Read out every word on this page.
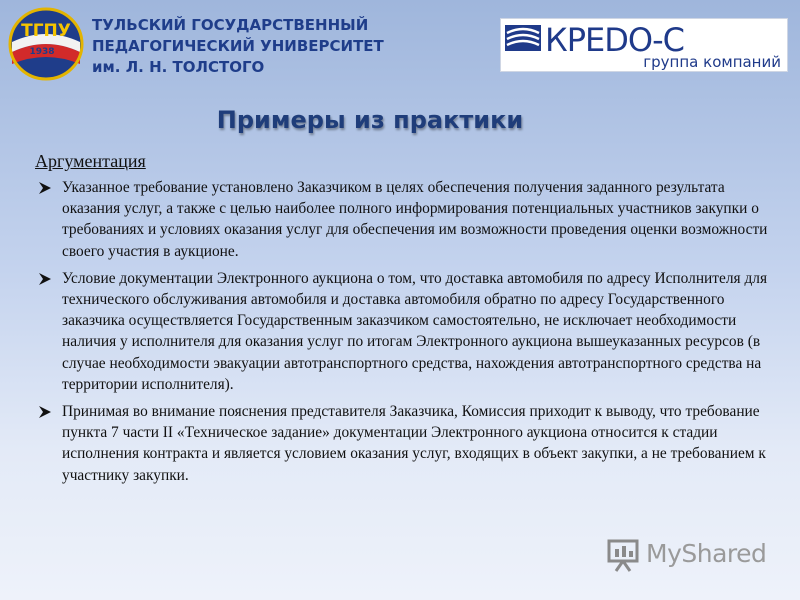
ТГПУ
1938
ТУЛЬСКИЙ ГОСУДАРСТВЕННЫЙ
ПЕДАГОГИЧЕСКИЙ УНИВЕРСИТЕТ
им. Л. Н. ТОЛСТОГО
КРЕDО-С
группа компаний
Примеры из практики
Аргументация
Указанное требование установлено Заказчиком в целях обеспечения получения заданного результата оказания услуг, а также с целью наиболее полного информирования потенциальных участников закупки о требованиях и условиях оказания услуг для обеспечения им возможности проведения оценки возможности своего участия в аукционе.
Условие документации Электронного аукциона о том, что доставка автомобиля по адресу Исполнителя для технического обслуживания автомобиля и доставка автомобиля обратно по адресу Государственного заказчика осуществляется Государственным заказчиком самостоятельно, не исключает необходимости наличия у исполнителя для оказания услуг по итогам Электронного аукциона вышеуказанных ресурсов (в случае необходимости эвакуации автотранспортного средства, нахождения автотранспортного средства на территории исполнителя).
Принимая во внимание пояснения представителя Заказчика, Комиссия приходит к выводу, что требование пункта 7 части II «Техническое задание» документации Электронного аукциона относится к стадии исполнения контракта и является условием оказания услуг, входящих в объект закупки, а не требованием к участнику закупки.
MyShared
